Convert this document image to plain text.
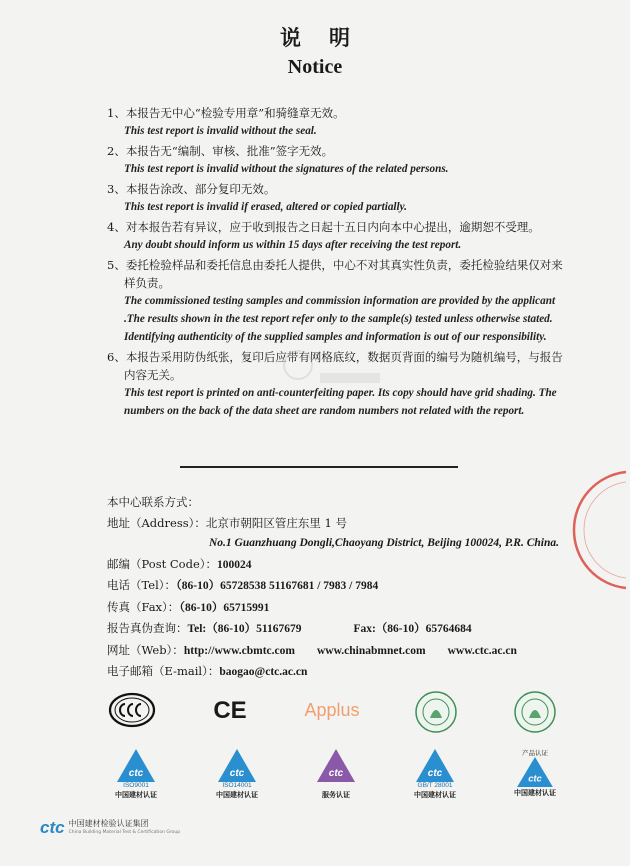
说明
Notice
1、本报告无中心“检验专用章”和骑缝章无效。
This test report is invalid without the seal.
2、本报告无“编制、审核、批准”签字无效。
This test report is invalid without the signatures of the related persons.
3、本报告涂改、部分复印无效。
This test report is invalid if erased, altered or copied partially.
4、对本报告若有异议，应于收到报告之日起十五日内向本中心提出，逾期恕不受理。
Any doubt should inform us within 15 days after receiving the test report.
5、委托检验样品和委托信息由委托人提供，中心不对其真实性负责，委托检验结果仅对来样负责。
The commissioned testing samples and commission information are provided by the applicant .The results shown in the test report refer only to the sample(s) tested unless otherwise stated. Identifying authenticity of the supplied samples and information is out of our responsibility.
6、本报告采用防伪纸张，复印后应带有网格底纹，数据页背面的编号为随机编号，与报告内容无关。
This test report is printed on anti-counterfeiting paper. Its copy should have grid shading. The numbers on the back of the data sheet are random numbers not related with the report.
本中心联系方式：
地址（Address）：北京市朝阳区管庄东里 1 号
No.1 Guanzhuang Dongli,Chaoyang District, Beijing 100024, P.R. China.
邮编（Post Code）：100024
电话（Tel）：（86-10）65728538 51167681 / 7983 / 7984
传真（Fax）：（86-10）65715991
报告真伪查询：Tel:（86-10）51167679	Fax:（86-10）65764684
网址（Web）：http://www.cbmtc.com www.chinabmnet.com www.ctc.ac.cn
电子邮箱（E-mail）：baogao@ctc.ac.cn
CE	Applus
ctc
ISO9001
中国建材认证
ctc
ISO14001
中国建材认证
ctc
服务认证
ctc
GB/T 28001
中国建材认证
产品认证
ctc
中国建材认证
ctc 中国建材检验认证集团
China Building Material Test & Certification Group
